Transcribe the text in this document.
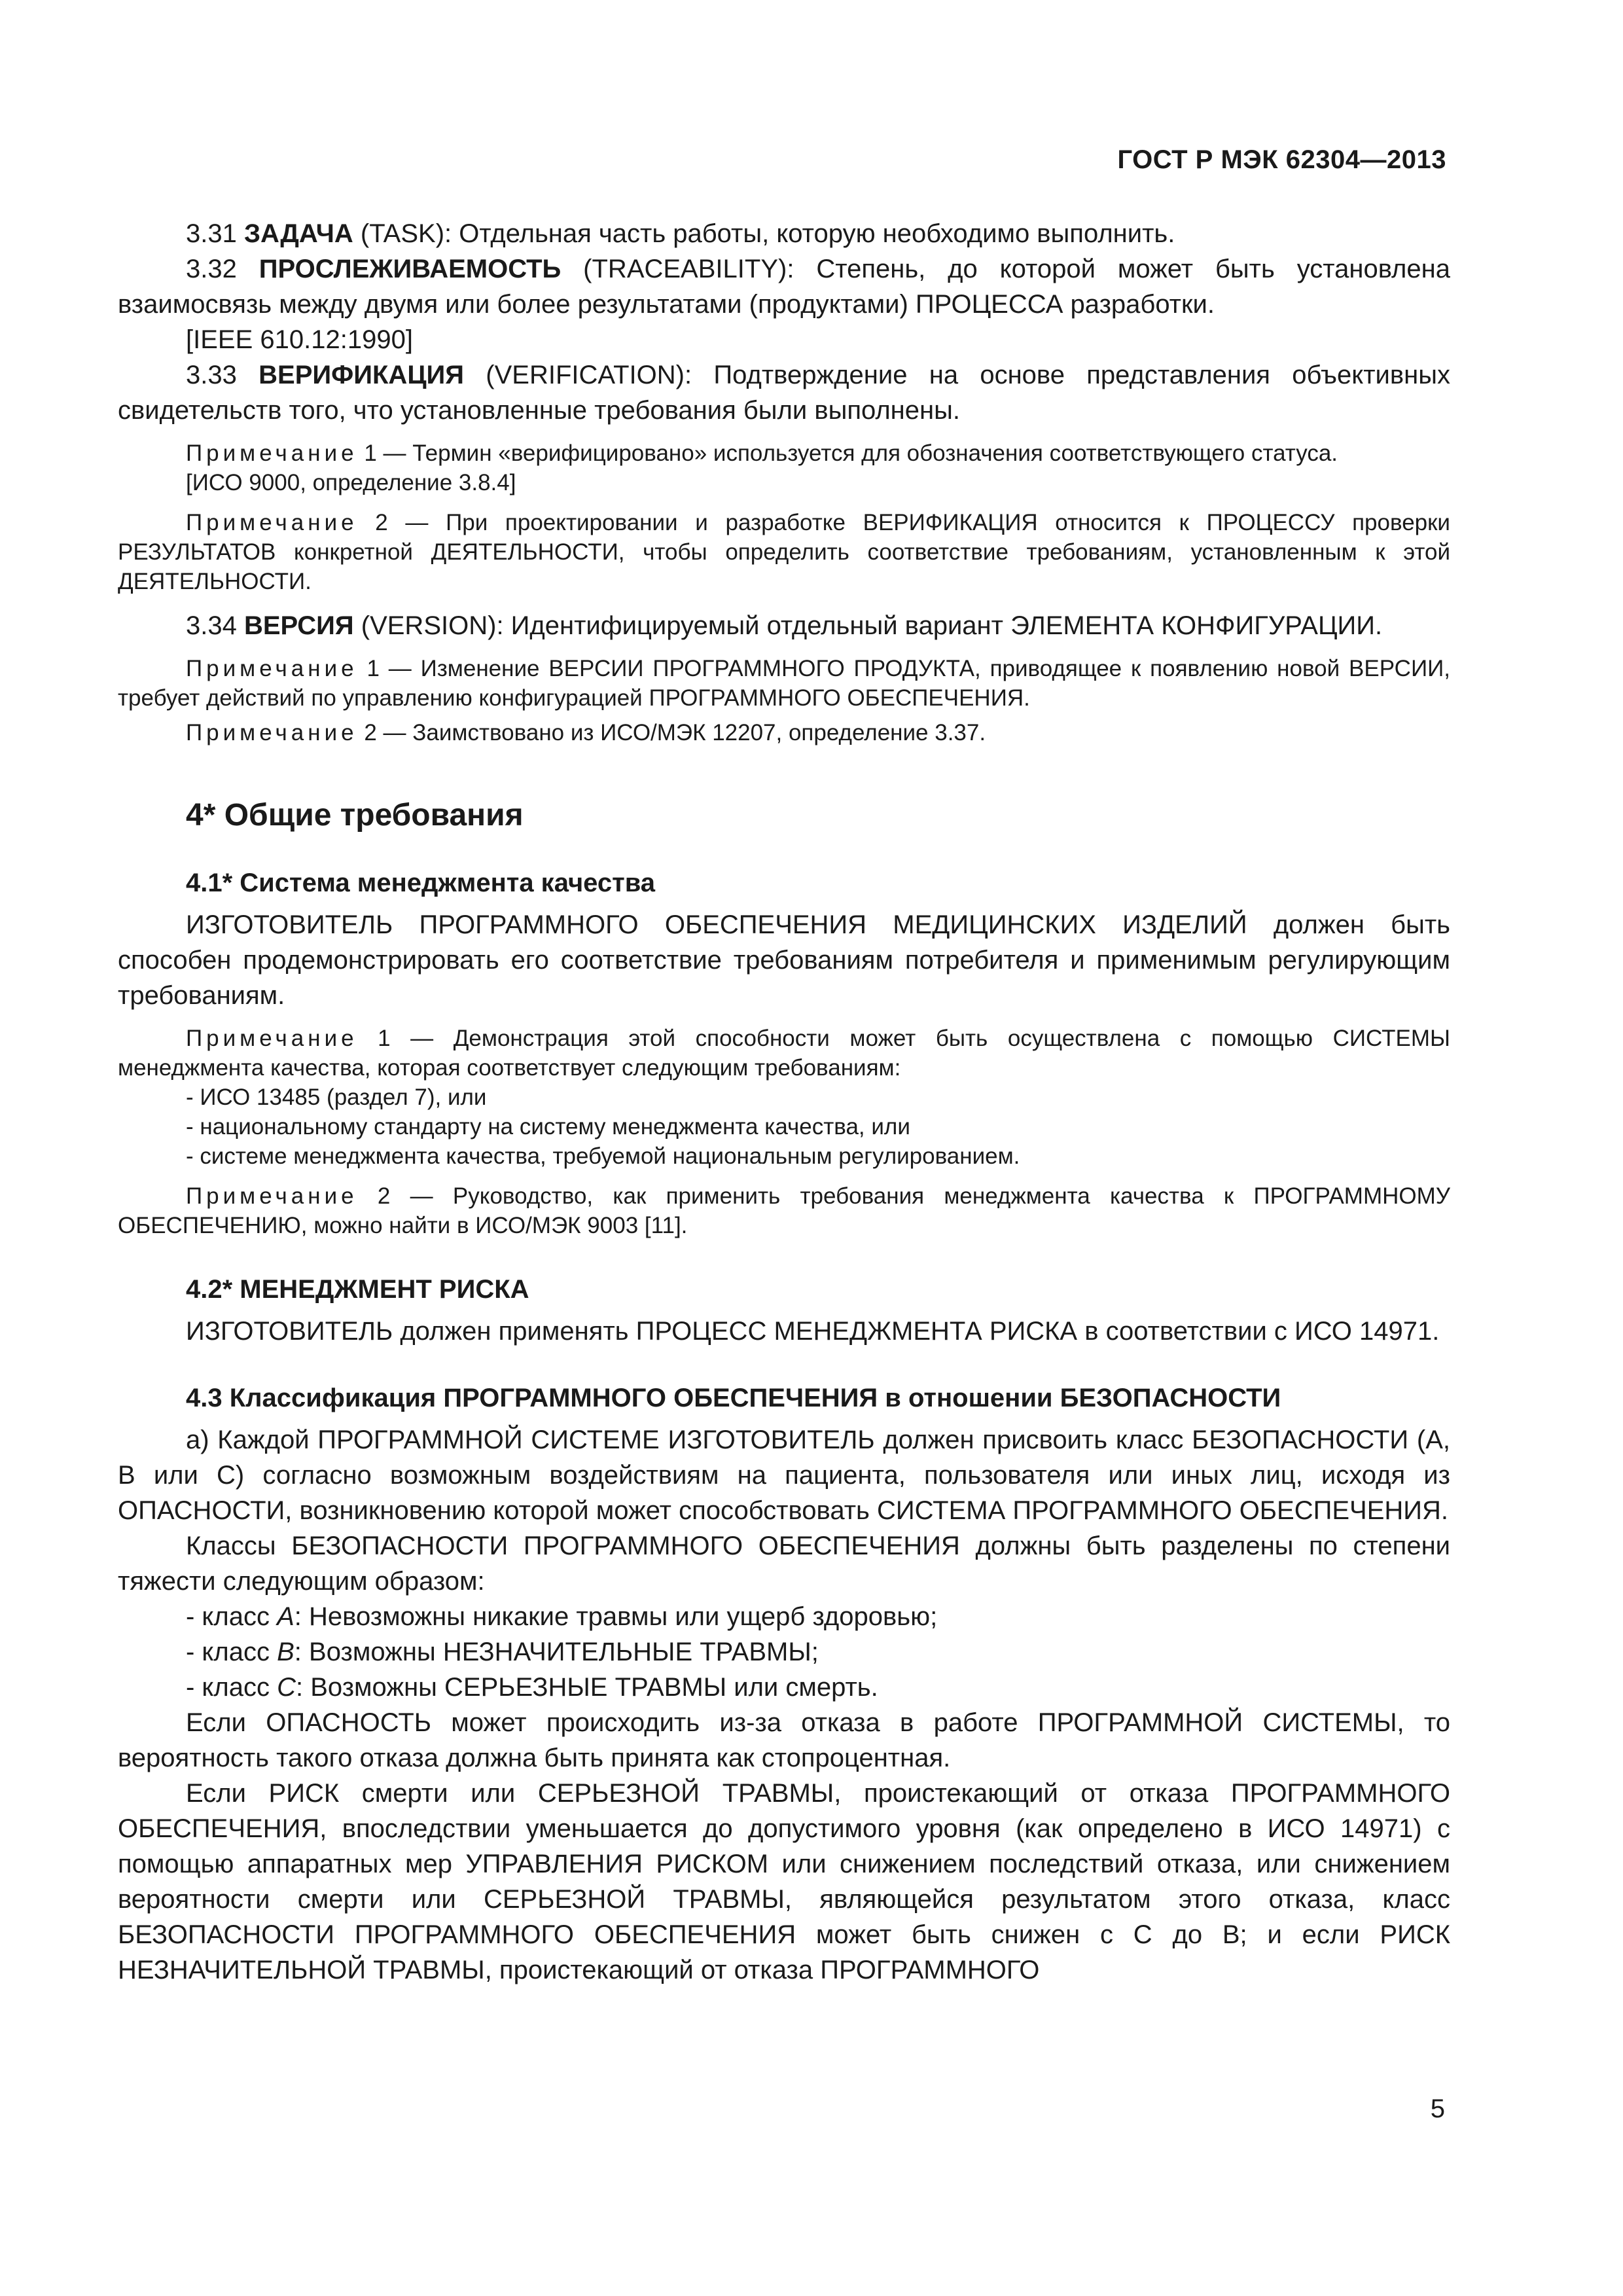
ГОСТ Р МЭК 62304—2013

3.31 ЗАДАЧА (TASK): Отдельная часть работы, которую необходимо выполнить.

3.32 ПРОСЛЕЖИВАЕМОСТЬ (TRACEABILITY): Степень, до которой может быть установлена взаимосвязь между двумя или более результатами (продуктами) ПРОЦЕССА разработки.

[IEEE 610.12:1990]

3.33 ВЕРИФИКАЦИЯ (VERIFICATION): Подтверждение на основе представления объективных свидетельств того, что установленные требования были выполнены.

Примечание 1 — Термин «верифицировано» используется для обозначения соответствующего статуса.

[ИСО 9000, определение 3.8.4]

Примечание 2 — При проектировании и разработке ВЕРИФИКАЦИЯ относится к ПРОЦЕССУ проверки РЕЗУЛЬТАТОВ конкретной ДЕЯТЕЛЬНОСТИ, чтобы определить соответствие требованиям, установленным к этой ДЕЯТЕЛЬНОСТИ.

3.34 ВЕРСИЯ (VERSION): Идентифицируемый отдельный вариант ЭЛЕМЕНТА КОНФИГУРАЦИИ.

Примечание 1 — Изменение ВЕРСИИ ПРОГРАММНОГО ПРОДУКТА, приводящее к появлению новой ВЕРСИИ, требует действий по управлению конфигурацией ПРОГРАММНОГО ОБЕСПЕЧЕНИЯ.

Примечание 2 — Заимствовано из ИСО/МЭК 12207, определение 3.37.

4* Общие требования
4.1* Система менеджмента качества

ИЗГОТОВИТЕЛЬ ПРОГРАММНОГО ОБЕСПЕЧЕНИЯ МЕДИЦИНСКИХ ИЗДЕЛИЙ должен быть способен продемонстрировать его соответствие требованиям потребителя и применимым регулирующим требованиям.

Примечание 1 — Демонстрация этой способности может быть осуществлена с помощью СИСТЕМЫ менеджмента качества, которая соответствует следующим требованиям:

- ИСО 13485 (раздел 7), или

- национальному стандарту на систему менеджмента качества, или

- системе менеджмента качества, требуемой национальным регулированием.

Примечание 2 — Руководство, как применить требования менеджмента качества к ПРОГРАММНОМУ ОБЕСПЕЧЕНИЮ, можно найти в ИСО/МЭК 9003 [11].

4.2* МЕНЕДЖМЕНТ РИСКА

ИЗГОТОВИТЕЛЬ должен применять ПРОЦЕСС МЕНЕДЖМЕНТА РИСКА в соответствии с ИСО 14971.

4.3 Классификация ПРОГРАММНОГО ОБЕСПЕЧЕНИЯ в отношении БЕЗОПАСНОСТИ

а) Каждой ПРОГРАММНОЙ СИСТЕМЕ ИЗГОТОВИТЕЛЬ должен присвоить класс БЕЗОПАСНОСТИ (A, B или C) согласно возможным воздействиям на пациента, пользователя или иных лиц, исходя из ОПАСНОСТИ, возникновению которой может способствовать СИСТЕМА ПРОГРАММНОГО ОБЕСПЕЧЕНИЯ.

Классы БЕЗОПАСНОСТИ ПРОГРАММНОГО ОБЕСПЕЧЕНИЯ должны быть разделены по степени тяжести следующим образом:

- класс A: Невозможны никакие травмы или ущерб здоровью;

- класс B: Возможны НЕЗНАЧИТЕЛЬНЫЕ ТРАВМЫ;

- класс C: Возможны СЕРЬЕЗНЫЕ ТРАВМЫ или смерть.

Если ОПАСНОСТЬ может происходить из-за отказа в работе ПРОГРАММНОЙ СИСТЕМЫ, то вероятность такого отказа должна быть принята как стопроцентная.

Если РИСК смерти или СЕРЬЕЗНОЙ ТРАВМЫ, проистекающий от отказа ПРОГРАММНОГО ОБЕСПЕЧЕНИЯ, впоследствии уменьшается до допустимого уровня (как определено в ИСО 14971) с помощью аппаратных мер УПРАВЛЕНИЯ РИСКОМ или снижением последствий отказа, или снижением вероятности смерти или СЕРЬЕЗНОЙ ТРАВМЫ, являющейся результатом этого отказа, класс БЕЗОПАСНОСТИ ПРОГРАММНОГО ОБЕСПЕЧЕНИЯ может быть снижен с C до B; и если РИСК НЕЗНАЧИТЕЛЬНОЙ ТРАВМЫ, проистекающий от отказа ПРОГРАММНОГО

5
